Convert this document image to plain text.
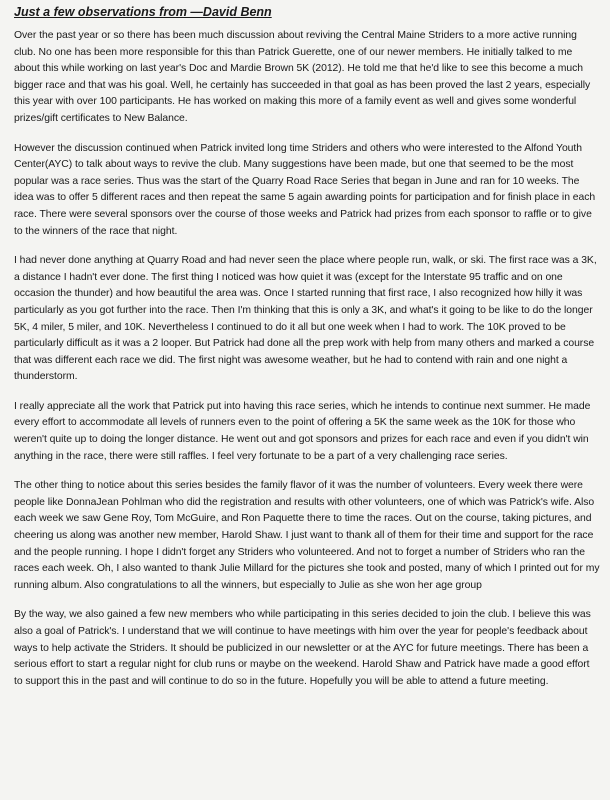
Just a few observations from —David Benn

Over the past year or so there has been much discussion about reviving the Central Maine Striders to a more active running club. No one has been more responsible for this than Patrick Guerette, one of our newer members. He initially talked to me about this while working on last year's Doc and Mardie Brown 5K (2012). He told me that he'd like to see this become a much bigger race and that was his goal. Well, he certainly has succeeded in that goal as has been proved the last 2 years, especially this year with over 100 participants. He has worked on making this more of a family event as well and gives some wonderful prizes/gift certificates to New Balance.

However the discussion continued when Patrick invited long time Striders and others who were interested to the Alfond Youth Center(AYC) to talk about ways to revive the club. Many suggestions have been made, but one that seemed to be the most popular was a race series. Thus was the start of the Quarry Road Race Series that began in June and ran for 10 weeks. The idea was to offer 5 different races and then repeat the same 5 again awarding points for participation and for finish place in each race. There were several sponsors over the course of those weeks and Patrick had prizes from each sponsor to raffle or to give to the winners of the race that night.

I had never done anything at Quarry Road and had never seen the place where people run, walk, or ski. The first race was a 3K, a distance I hadn't ever done. The first thing I noticed was how quiet it was (except for the Interstate 95 traffic and on one occasion the thunder) and how beautiful the area was. Once I started running that first race, I also recognized how hilly it was particularly as you got further into the race. Then I'm thinking that this is only a 3K, and what's it going to be like to do the longer 5K, 4 miler, 5 miler, and 10K. Nevertheless I continued to do it all but one week when I had to work. The 10K proved to be particularly difficult as it was a 2 looper. But Patrick had done all the prep work with help from many others and marked a course that was different each race we did. The first night was awesome weather, but he had to contend with rain and one night a thunderstorm.

I really appreciate all the work that Patrick put into having this race series, which he intends to continue next summer. He made every effort to accommodate all levels of runners even to the point of offering a 5K the same week as the 10K for those who weren't quite up to doing the longer distance. He went out and got sponsors and prizes for each race and even if you didn't win anything in the race, there were still raffles. I feel very fortunate to be a part of a very challenging race series.

The other thing to notice about this series besides the family flavor of it was the number of volunteers. Every week there were people like DonnaJean Pohlman who did the registration and results with other volunteers, one of which was Patrick's wife. Also each week we saw Gene Roy, Tom McGuire, and Ron Paquette there to time the races. Out on the course, taking pictures, and cheering us along was another new member, Harold Shaw. I just want to thank all of them for their time and support for the race and the people running. I hope I didn't forget any Striders who volunteered. And not to forget a number of Striders who ran the races each week. Oh, I also wanted to thank Julie Millard for the pictures she took and posted, many of which I printed out for my running album. Also congratulations to all the winners, but especially to Julie as she won her age group

By the way, we also gained a few new members who while participating in this series decided to join the club. I believe this was also a goal of Patrick's. I understand that we will continue to have meetings with him over the year for people's feedback about ways to help activate the Striders. It should be publicized in our newsletter or at the AYC for future meetings. There has been a serious effort to start a regular night for club runs or maybe on the weekend. Harold Shaw and Patrick have made a good effort to support this in the past and will continue to do so in the future. Hopefully you will be able to attend a future meeting.
